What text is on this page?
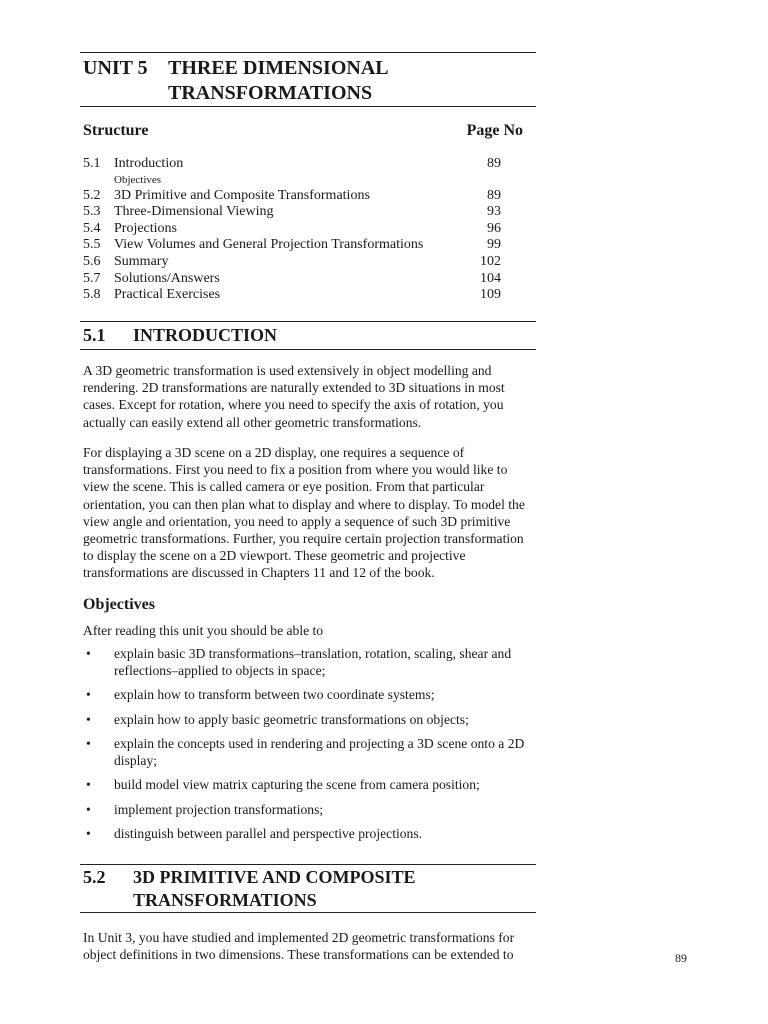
UNIT 5 THREE DIMENSIONAL
TRANSFORMATIONS
Structure	Page No
5.1 Introduction	89
Objectives
5.2 3D Primitive and Composite Transformations	89
5.3 Three-Dimensional Viewing	93
5.4 Projections	96
5.5 View Volumes and General Projection Transformations	99
5.6 Summary	102
5.7 Solutions/Answers	104
5.8 Practical Exercises	109
5.1 INTRODUCTION

A 3D geometric transformation is used extensively in object modelling and rendering. 2D transformations are naturally extended to 3D situations in most cases. Except for rotation, where you need to specify the axis of rotation, you actually can easily extend all other geometric transformations.

For displaying a 3D scene on a 2D display, one requires a sequence of transformations. First you need to fix a position from where you would like to view the scene. This is called camera or eye position. From that particular orientation, you can then plan what to display and where to display. To model the view angle and orientation, you need to apply a sequence of such 3D primitive geometric transformations. Further, you require certain projection transformation to display the scene on a 2D viewport. These geometric and projective transformations are discussed in Chapters 11 and 12 of the book.

Objectives

After reading this unit you should be able to

• explain basic 3D transformations–translation, rotation, scaling, shear and reflections–applied to objects in space;
• explain how to transform between two coordinate systems;
• explain how to apply basic geometric transformations on objects;
• explain the concepts used in rendering and projecting a 3D scene onto a 2D display;
• build model view matrix capturing the scene from camera position;
• implement projection transformations;
• distinguish between parallel and perspective projections.
5.2 3D PRIMITIVE AND COMPOSITE
TRANSFORMATIONS

In Unit 3, you have studied and implemented 2D geometric transformations for object definitions in two dimensions. These transformations can be extended to	89
